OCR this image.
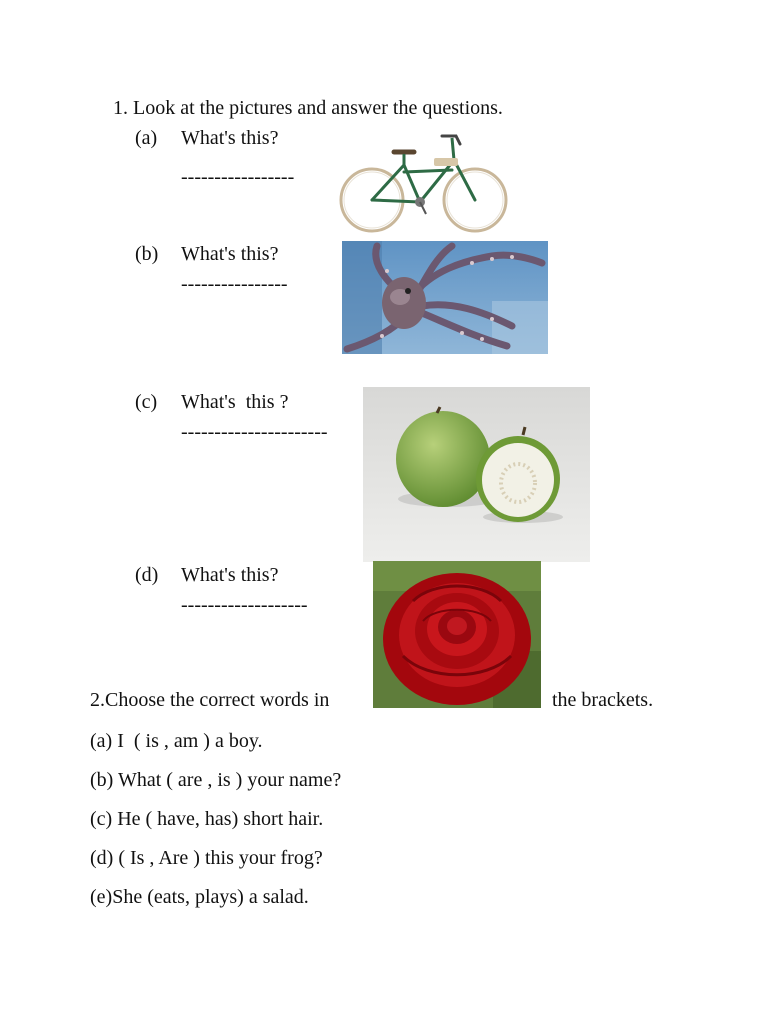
1. Look at the pictures and answer the questions.
(a) What's this?
-----------------
(b) What's this?
----------------
(c) What's  this ?
----------------------
(d) What's this?
-------------------
2.Choose the correct words in	the brackets.
(a) I  ( is , am ) a boy.
(b) What ( are , is ) your name?
(c) He ( have, has) short hair.
(d) ( Is , Are ) this your frog?
(e)She (eats, plays) a salad.
